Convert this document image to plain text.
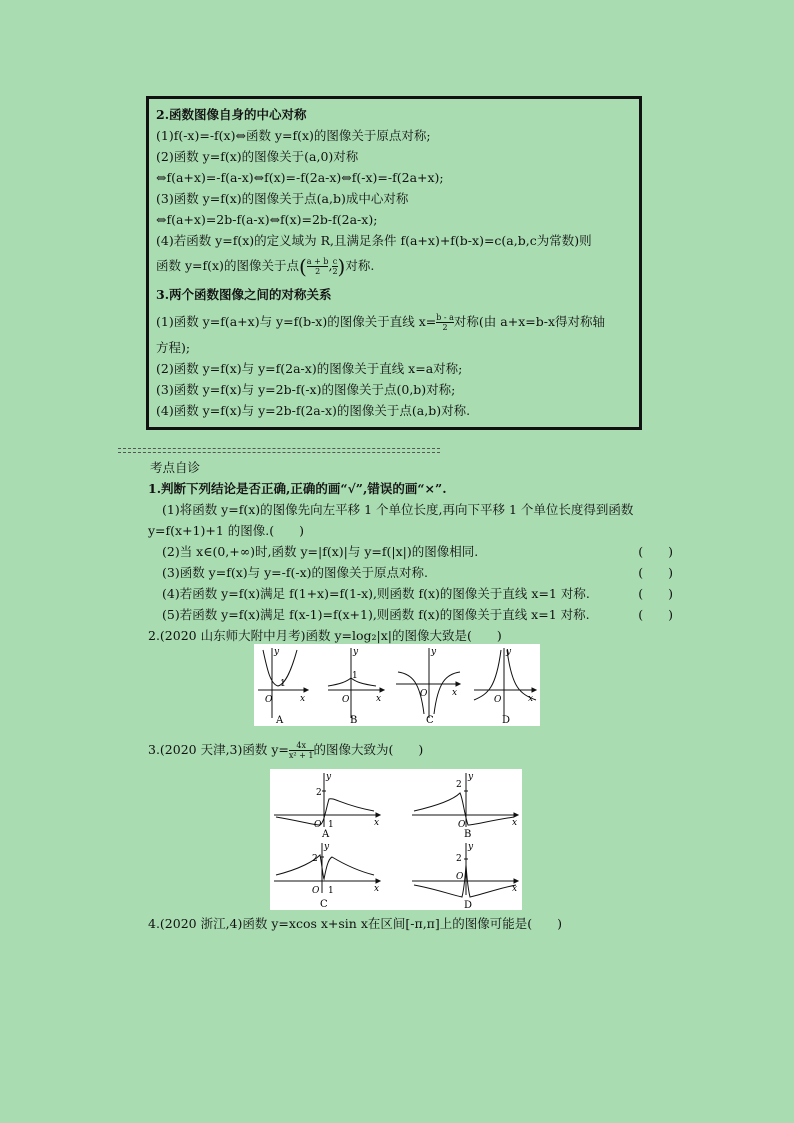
2.函数图像自身的中心对称
(1)f(-x)=-f(x)⇔函数 y=f(x)的图像关于原点对称;
(2)函数 y=f(x)的图像关于(a,0)对称
⇔f(a+x)=-f(a-x)⇔f(x)=-f(2a-x)⇔f(-x)=-f(2a+x);
(3)函数 y=f(x)的图像关于点(a,b)成中心对称
⇔f(a+x)=2b-f(a-x)⇔f(x)=2b-f(2a-x);
(4)若函数 y=f(x)的定义域为 R,且满足条件 f(a+x)+f(b-x)=c(a,b,c为常数)则
函数 y=f(x)的图像关于点( $\frac{a + b}{2}$ , $\frac{c}{2}$ )对称.
3.两个函数图像之间的对称关系
(1)函数 y=f(a+x)与 y=f(b-x)的图像关于直线 $x= \frac{b - a}{2}$ 对称(由 a+x=b-x得对称轴
方程);
(2)函数 y=f(x)与 y=f(2a-x)的图像关于直线 x=a对称;
(3)函数 y=f(x)与 y=2b-f(-x)的图像关于点(0,b)对称;
(4)函数 y=f(x)与 y=2b-f(2a-x)的图像关于点(a,b)对称.
考点自诊
1.判断下列结论是否正确,正确的画“√”,错误的画“×”.
(1)将函数 y=f(x)的图像先向左平移 1 个单位长度,再向下平移 1 个单位长度得到函数
y=f(x+1)+1 的图像.(　　)
(2)当 x∈(0,+∞)时,函数 y=|f(x)|与 y=f(|x|)的图像相同.	(　　)
(3)函数 y=f(x)与 y=-f(-x)的图像关于原点对称.	(　　)
(4)若函数 y=f(x)满足 f(1+x)=f(1-x),则函数 f(x)的图像关于直线 x=1 对称.	(　　)
(5)若函数 y=f(x)满足 f(x-1)=f(x+1),则函数 f(x)的图像关于直线 x=1 对称.	(　　)
2.(2020 山东师大附中月考)函数 y=log₂|x|的图像大致是(　　)
O
1
x
y
A
O
1
x
y
B
O	x
y
C
O	x
y
D
3.(2020 天津,3)函数 $y= \frac{4x}{\text{x² + 1}}$ 的图像大致为(　　)
2
O 1	x
y
A
2
O	x
y
B
2
O 1	x
y
C
2
O
x
y
D
4.(2020 浙江,4)函数 y=xcos x+sin x在区间[-π,π]上的图像可能是(　　)
